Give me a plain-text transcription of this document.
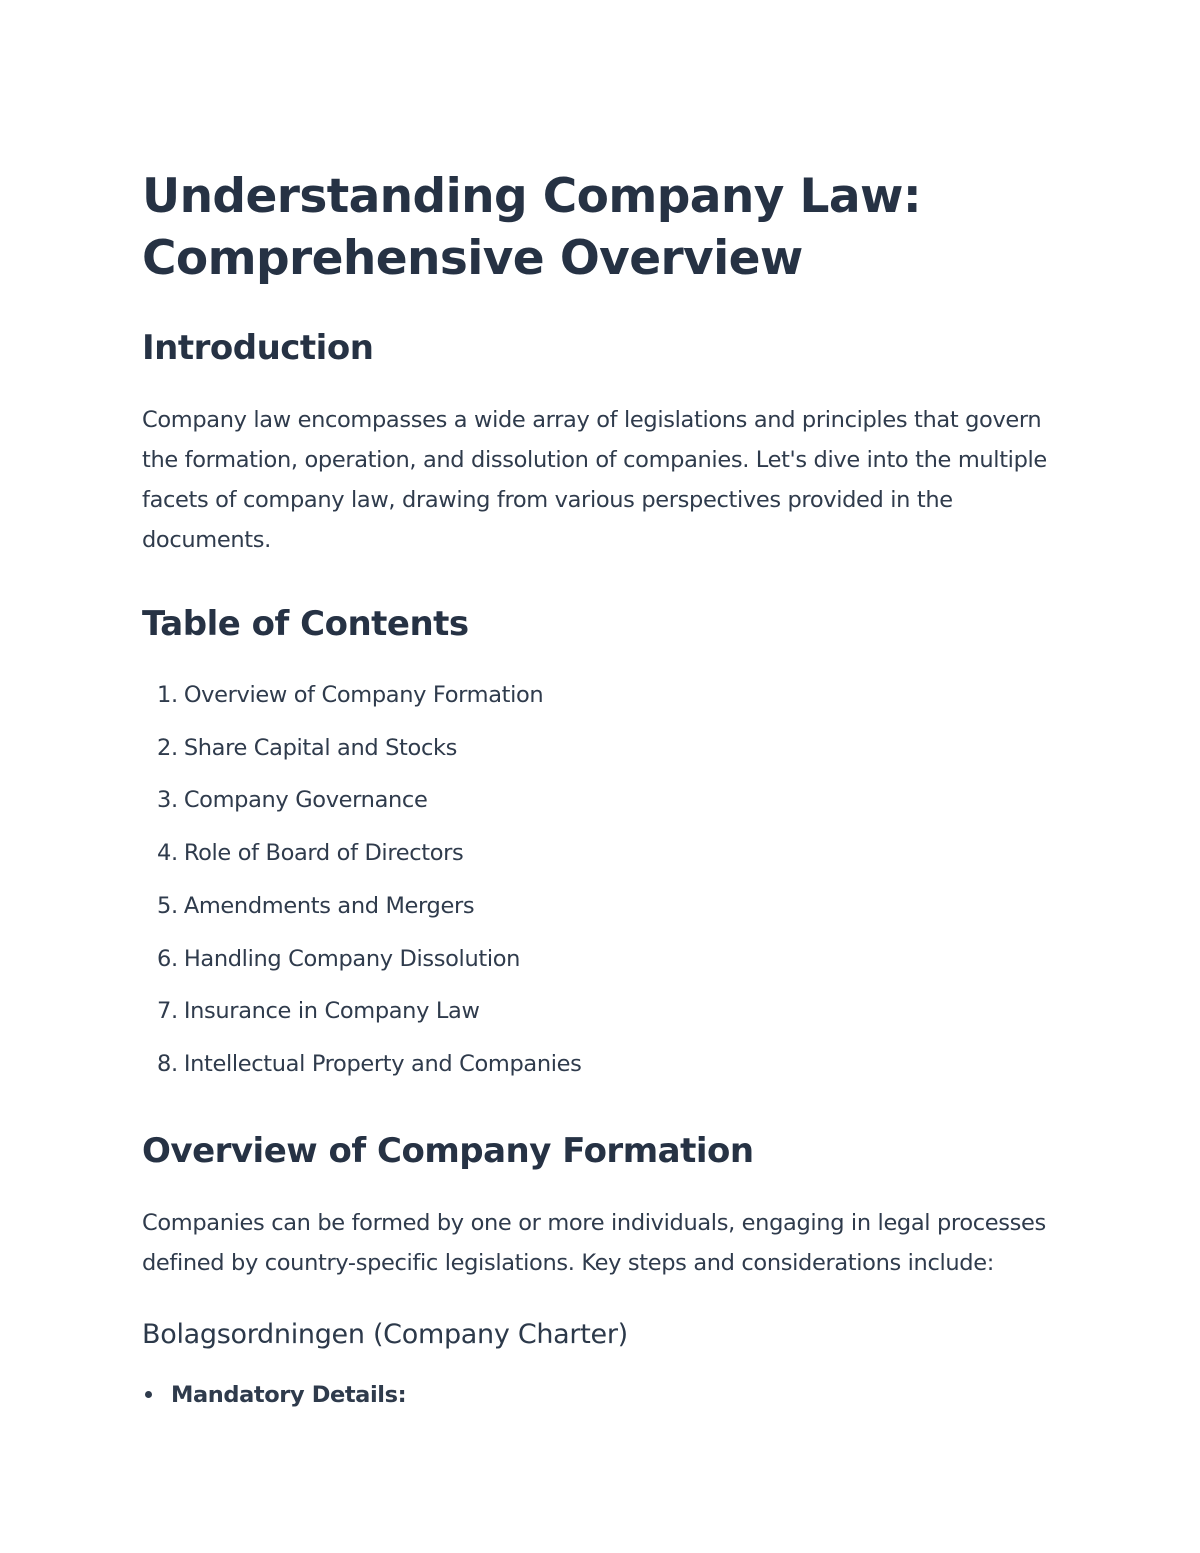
Understanding Company Law: Comprehensive Overview
Introduction

Company law encompasses a wide array of legislations and principles that govern the formation, operation, and dissolution of companies. Let's dive into the multiple facets of company law, drawing from various perspectives provided in the documents.

Table of Contents
1 . Overview of Company Formation
2 . Share Capital and Stocks
3 . Company Governance
4 . Role of Board of Directors
5 . Amendments and Mergers
6 . Handling Company Dissolution
7 . Insurance in Company Law
8 . Intellectual Property and Companies
Overview of Company Formation

Companies can be formed by one or more individuals, engaging in legal processes defined by country-specific legislations. Key steps and considerations include:

Bolagsordningen (Company Charter)
Mandatory Details:
